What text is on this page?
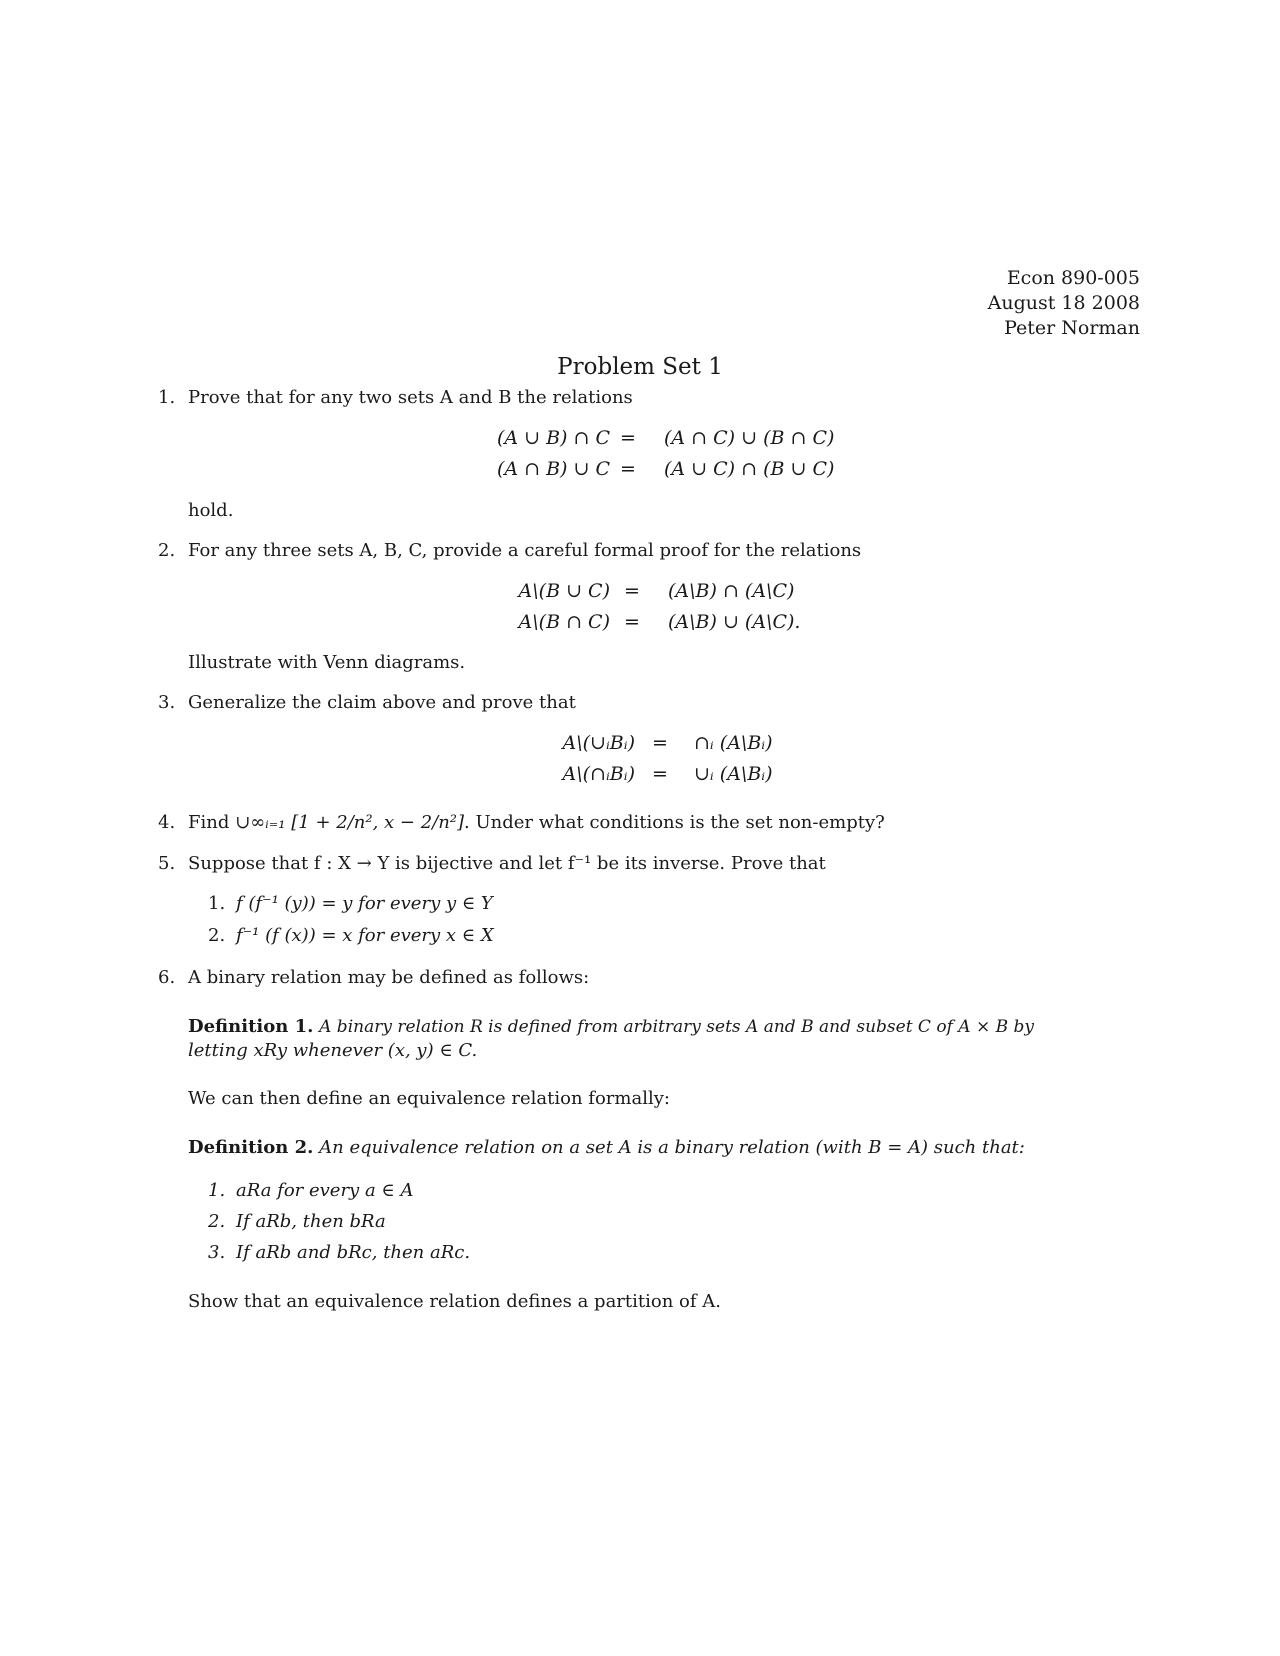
Econ 890-005
August 18 2008
Peter Norman
Problem Set 1
1. Prove that for any two sets A and B the relations
(A ∪ B) ∩ C = (A ∩ C) ∪ (B ∩ C)
(A ∩ B) ∪ C = (A ∪ C) ∩ (B ∪ C)
hold.
2. For any three sets A, B, C, provide a careful formal proof for the relations
A\(B ∪ C) = (A\B) ∩ (A\C)
A\(B ∩ C) = (A\B) ∪ (A\C).
Illustrate with Venn diagrams.
3. Generalize the claim above and prove that
A\(∪ᵢBᵢ) = ∩ᵢ (A\Bᵢ)
A\(∩ᵢBᵢ) = ∪ᵢ (A\Bᵢ)
4. Find ∪∞ᵢ₌₁ [1 + 2/n², x − 2/n²]. Under what conditions is the set non-empty?
5. Suppose that f : X → Y is bijective and let f⁻¹ be its inverse. Prove that
1. f (f⁻¹ (y)) = y for every y ∈ Y
2. f⁻¹ (f (x)) = x for every x ∈ X
6. A binary relation may be defined as follows:
Definition 1. A binary relation R is defined from arbitrary sets A and B and subset C of A × B by
letting xRy whenever (x, y) ∈ C.
We can then define an equivalence relation formally:
Definition 2. An equivalence relation on a set A is a binary relation (with B = A) such that:
1. aRa for every a ∈ A
2. If aRb, then bRa
3. If aRb and bRc, then aRc.
Show that an equivalence relation defines a partition of A.
